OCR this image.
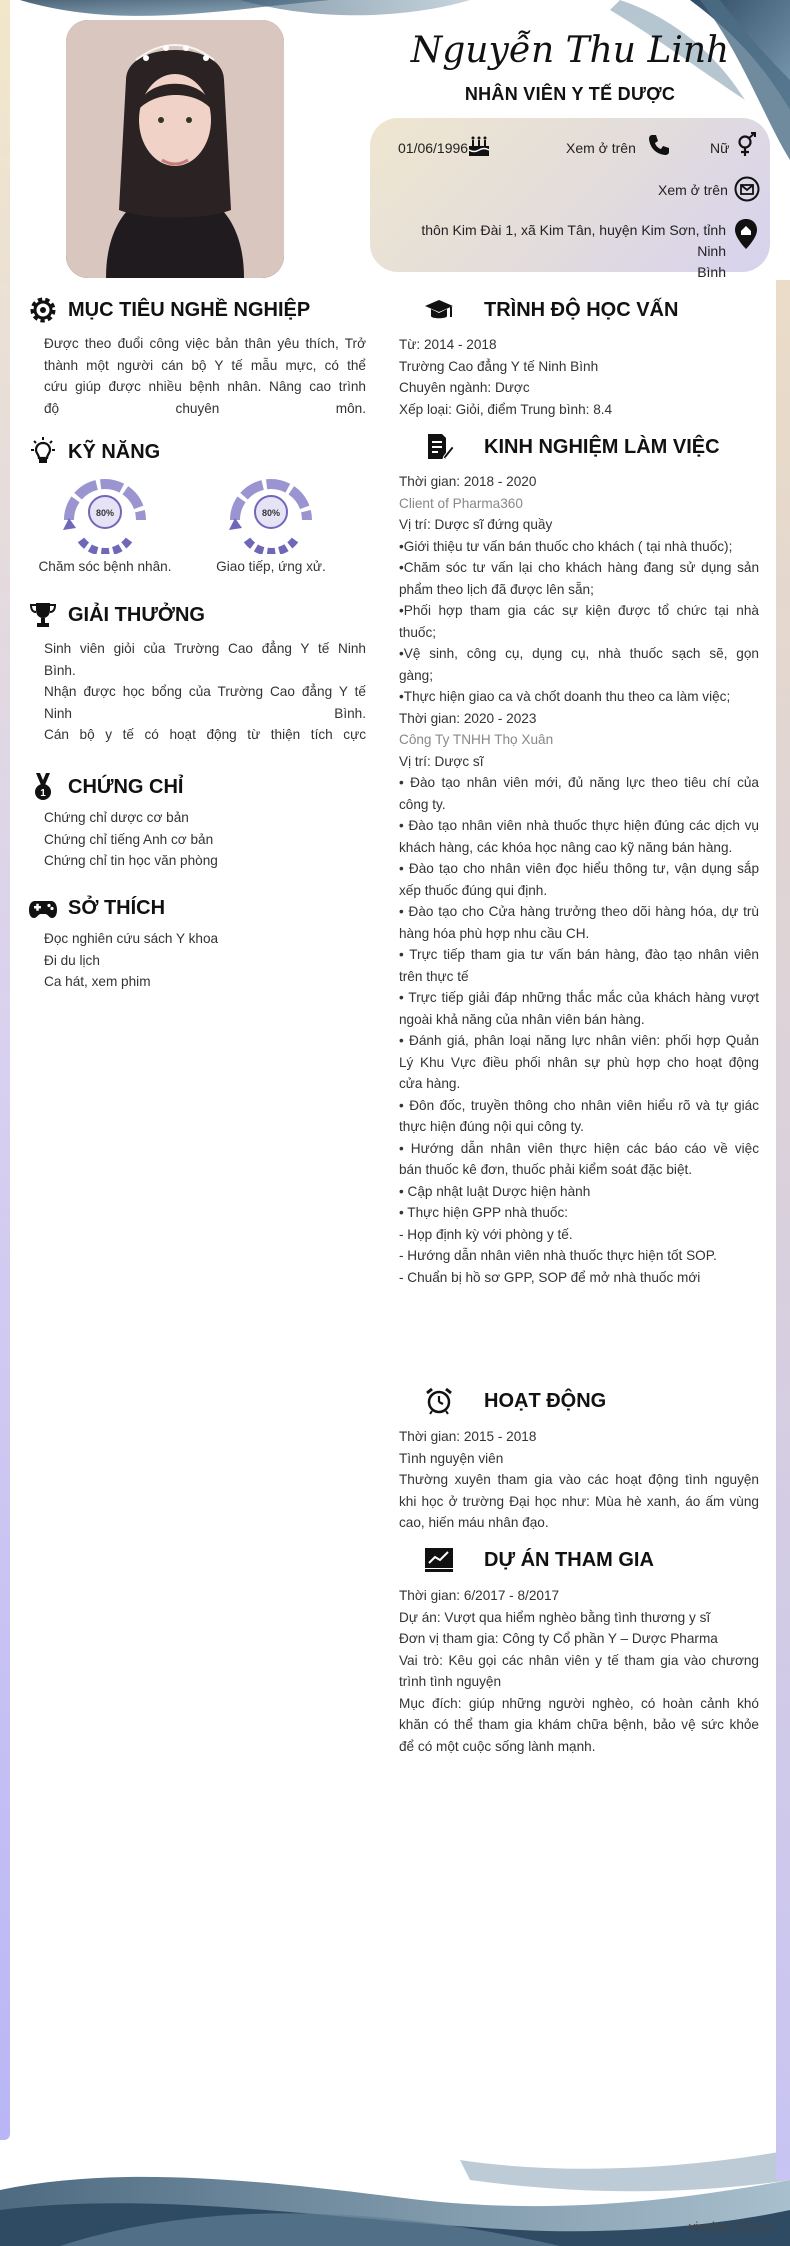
Nguyễn Thu Linh
NHÂN VIÊN Y TẾ DƯỢC
01/06/1996	Xem ở trên	Nữ
Xem ở trên
thôn Kim Đài 1, xã Kim Tân, huyện Kim Sơn, tỉnh Ninh
Bình
MỤC TIÊU NGHỀ NGHIỆP
Được theo đuổi công việc bản thân yêu thích, Trở
thành một người cán bộ Y tế mẫu mực, có thể
cứu giúp được nhiều bệnh nhân. Nâng cao trình
độ chuyên môn.
KỸ NĂNG
80%
Chăm sóc bệnh nhân.
80%
Giao tiếp, ứng xử.
GIẢI THƯỞNG
Sinh viên giỏi của Trường Cao đẳng Y tế Ninh
Bình.
Nhận được học bổng của Trường Cao đẳng Y tế
Ninh Bình.
Cán bộ y tế có hoạt động từ thiện tích cực
1 CHỨNG CHỈ
Chứng chỉ dược cơ bản
Chứng chỉ tiếng Anh cơ bản
Chứng chỉ tin học văn phòng
SỞ THÍCH
Đọc nghiên cứu sách Y khoa
Đi du lịch
Ca hát, xem phim
TRÌNH ĐỘ HỌC VẤN
Từ: 2014 - 2018
Trường Cao đẳng Y tế Ninh Bình
Chuyên ngành: Dược
Xếp loại: Giỏi, điểm Trung bình: 8.4
KINH NGHIỆM LÀM VIỆC
Thời gian: 2018 - 2020
Client of Pharma360
Vị trí: Dược sĩ đứng quầy
•Giới thiệu tư vấn bán thuốc cho khách ( tại nhà thuốc);
•Chăm sóc tư vấn lại cho khách hàng đang sử dụng sản
phẩm theo lịch đã được lên sẵn;
•Phối hợp tham gia các sự kiện được tổ chức tại nhà
thuốc;
•Vệ sinh, công cụ, dụng cụ, nhà thuốc sạch sẽ, gọn
gàng;
•Thực hiện giao ca và chốt doanh thu theo ca làm việc;
Thời gian: 2020 - 2023
Công Ty TNHH Thọ Xuân
Vị trí: Dược sĩ
• Đào tạo nhân viên mới, đủ năng lực theo tiêu chí của
công ty.
• Đào tạo nhân viên nhà thuốc thực hiện đúng các dịch vụ
khách hàng, các khóa học nâng cao kỹ năng bán hàng.
• Đào tạo cho nhân viên đọc hiểu thông tư, vận dụng sắp
xếp thuốc đúng qui định.
• Đào tạo cho Cửa hàng trưởng theo dõi hàng hóa, dự trù
hàng hóa phù hợp nhu cầu CH.
• Trực tiếp tham gia tư vấn bán hàng, đào tạo nhân viên
trên thực tế
• Trực tiếp giải đáp những thắc mắc của khách hàng vượt
ngoài khả năng của nhân viên bán hàng.
• Đánh giá, phân loại năng lực nhân viên: phối hợp Quản
Lý Khu Vực điều phối nhân sự phù hợp cho hoạt động
cửa hàng.
• Đôn đốc, truyền thông cho nhân viên hiểu rõ và tự giác
thực hiện đúng nội qui công ty.
• Hướng dẫn nhân viên thực hiện các báo cáo về việc
bán thuốc kê đơn, thuốc phải kiểm soát đặc biệt.
• Cập nhật luật Dược hiện hành
• Thực hiện GPP nhà thuốc:
- Họp định kỳ với phòng y tế.
- Hướng dẫn nhân viên nhà thuốc thực hiện tốt SOP.
- Chuẩn bị hồ sơ GPP, SOP để mở nhà thuốc mới
HOẠT ĐỘNG
Thời gian: 2015 - 2018
Tình nguyện viên
Thường xuyên tham gia vào các hoạt động tình nguyện
khi học ở trường Đại học như: Mùa hè xanh, áo ấm vùng
cao, hiến máu nhân đạo.
DỰ ÁN THAM GIA
Thời gian: 6/2017 - 8/2017
Dự án: Vượt qua hiểm nghèo bằng tình thương y sĩ
Đơn vị tham gia: Công ty Cổ phần Y – Dược Pharma
Vai trò: Kêu gọi các nhân viên y tế tham gia vào chương
trình tình nguyện
Mục đích: giúp những người nghèo, có hoàn cảnh khó
khăn có thể tham gia khám chữa bệnh, bảo vệ sức khỏe
để có một cuộc sống lành mạnh.
vieclam123.vn
